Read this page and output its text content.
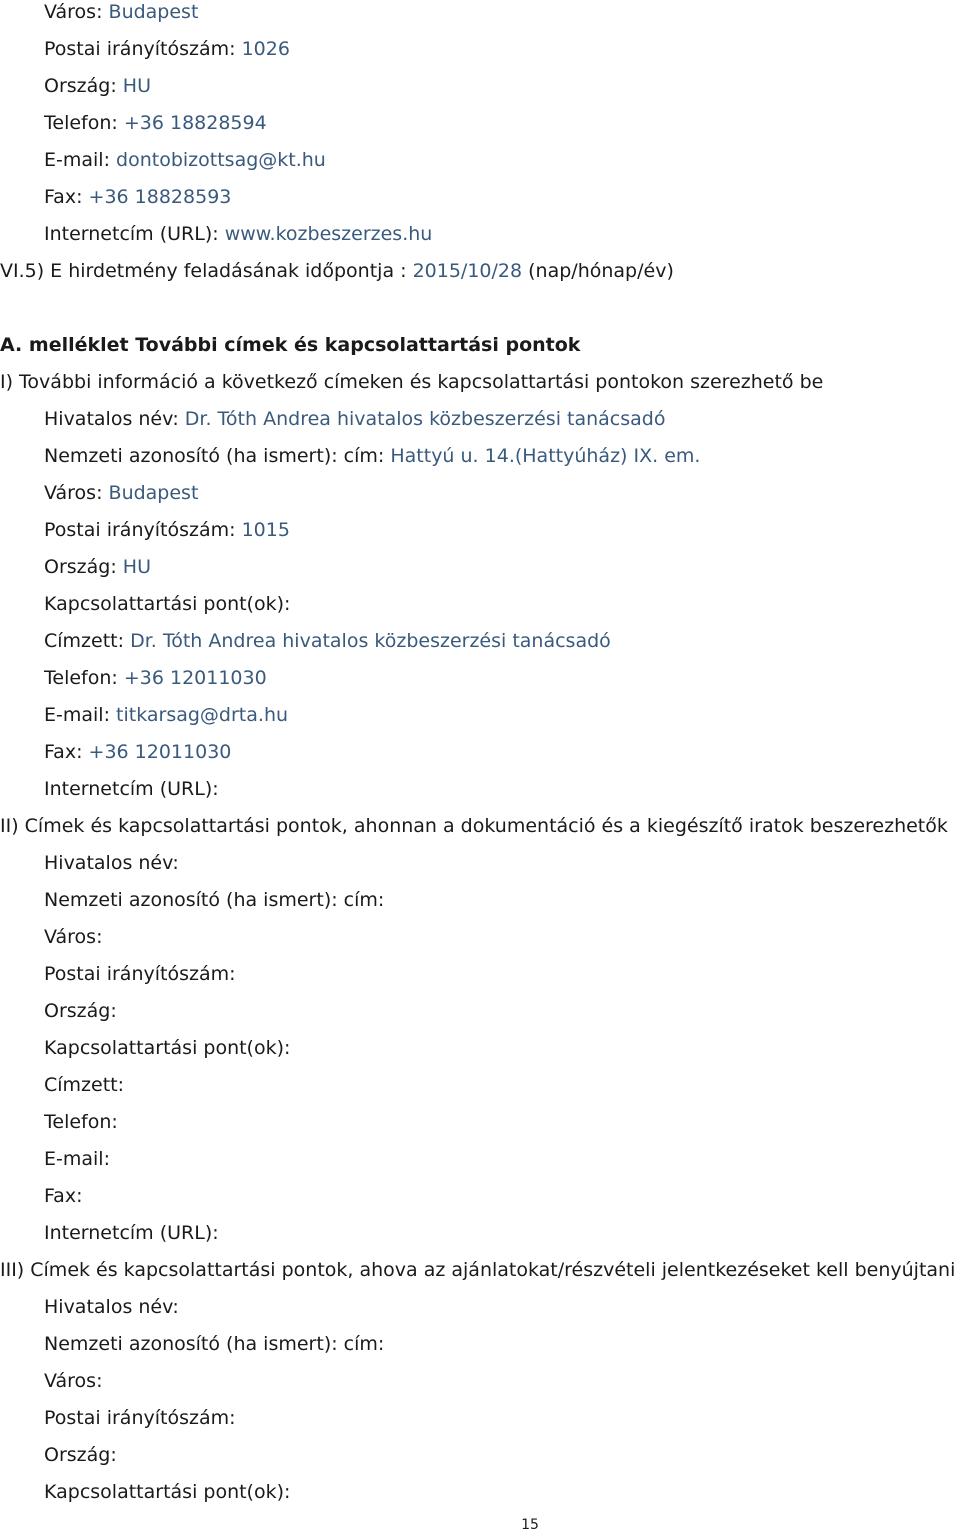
Város: Budapest
Postai irányítószám: 1026
Ország: HU
Telefon: +36 18828594
E-mail: dontobizottsag@kt.hu
Fax: +36 18828593
Internetcím (URL): www.kozbeszerzes.hu
VI.5) E hirdetmény feladásának időpontja : 2015/10/28 (nap/hónap/év)
A. melléklet További címek és kapcsolattartási pontok
I) További információ a következő címeken és kapcsolattartási pontokon szerezhető be
Hivatalos név: Dr. Tóth Andrea hivatalos közbeszerzési tanácsadó
Nemzeti azonosító (ha ismert): cím: Hattyú u. 14.(Hattyúház) IX. em.
Város: Budapest
Postai irányítószám: 1015
Ország: HU
Kapcsolattartási pont(ok):
Címzett: Dr. Tóth Andrea hivatalos közbeszerzési tanácsadó
Telefon: +36 12011030
E-mail: titkarsag@drta.hu
Fax: +36 12011030
Internetcím (URL):
II) Címek és kapcsolattartási pontok, ahonnan a dokumentáció és a kiegészítő iratok beszerezhetők
Hivatalos név:
Nemzeti azonosító (ha ismert): cím:
Város:
Postai irányítószám:
Ország:
Kapcsolattartási pont(ok):
Címzett:
Telefon:
E-mail:
Fax:
Internetcím (URL):
III) Címek és kapcsolattartási pontok, ahova az ajánlatokat/részvételi jelentkezéseket kell benyújtani
Hivatalos név:
Nemzeti azonosító (ha ismert): cím:
Város:
Postai irányítószám:
Ország:
Kapcsolattartási pont(ok):
15
